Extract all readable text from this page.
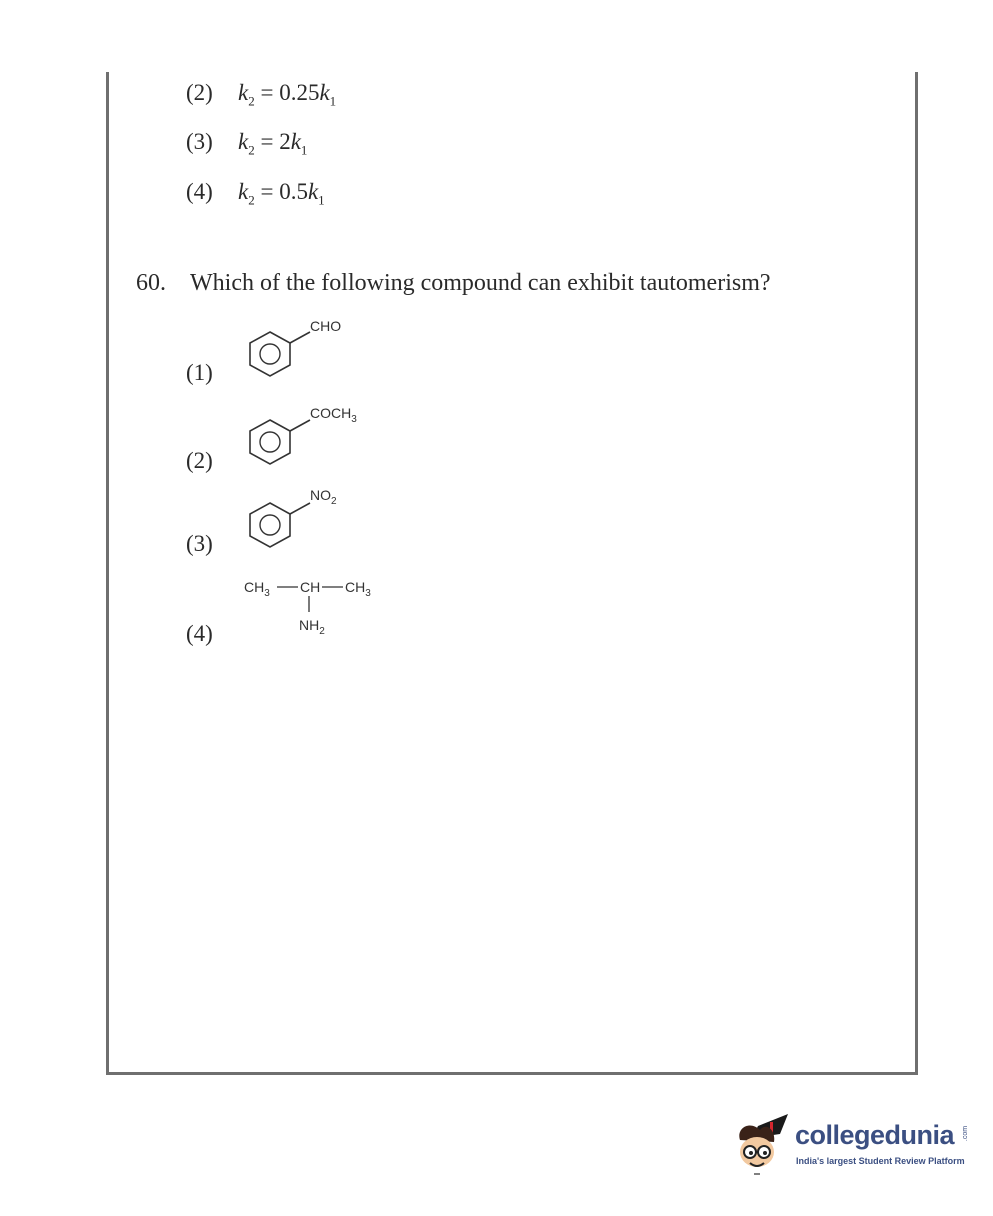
(2) $k_2 = 0.25k_1$
(3) $k_2 = 2k_1$
(4) $k_2 = 0.5k_1$
60. Which of the following compound can exhibit tautomerism?
(1)
CHO
(2)
$COCH_3$
(3)
$NO_2$
(4)
$CH_3$ CH $CH_3$
$NH_2$
collegedunia .com
India's largest Student Review Platform
